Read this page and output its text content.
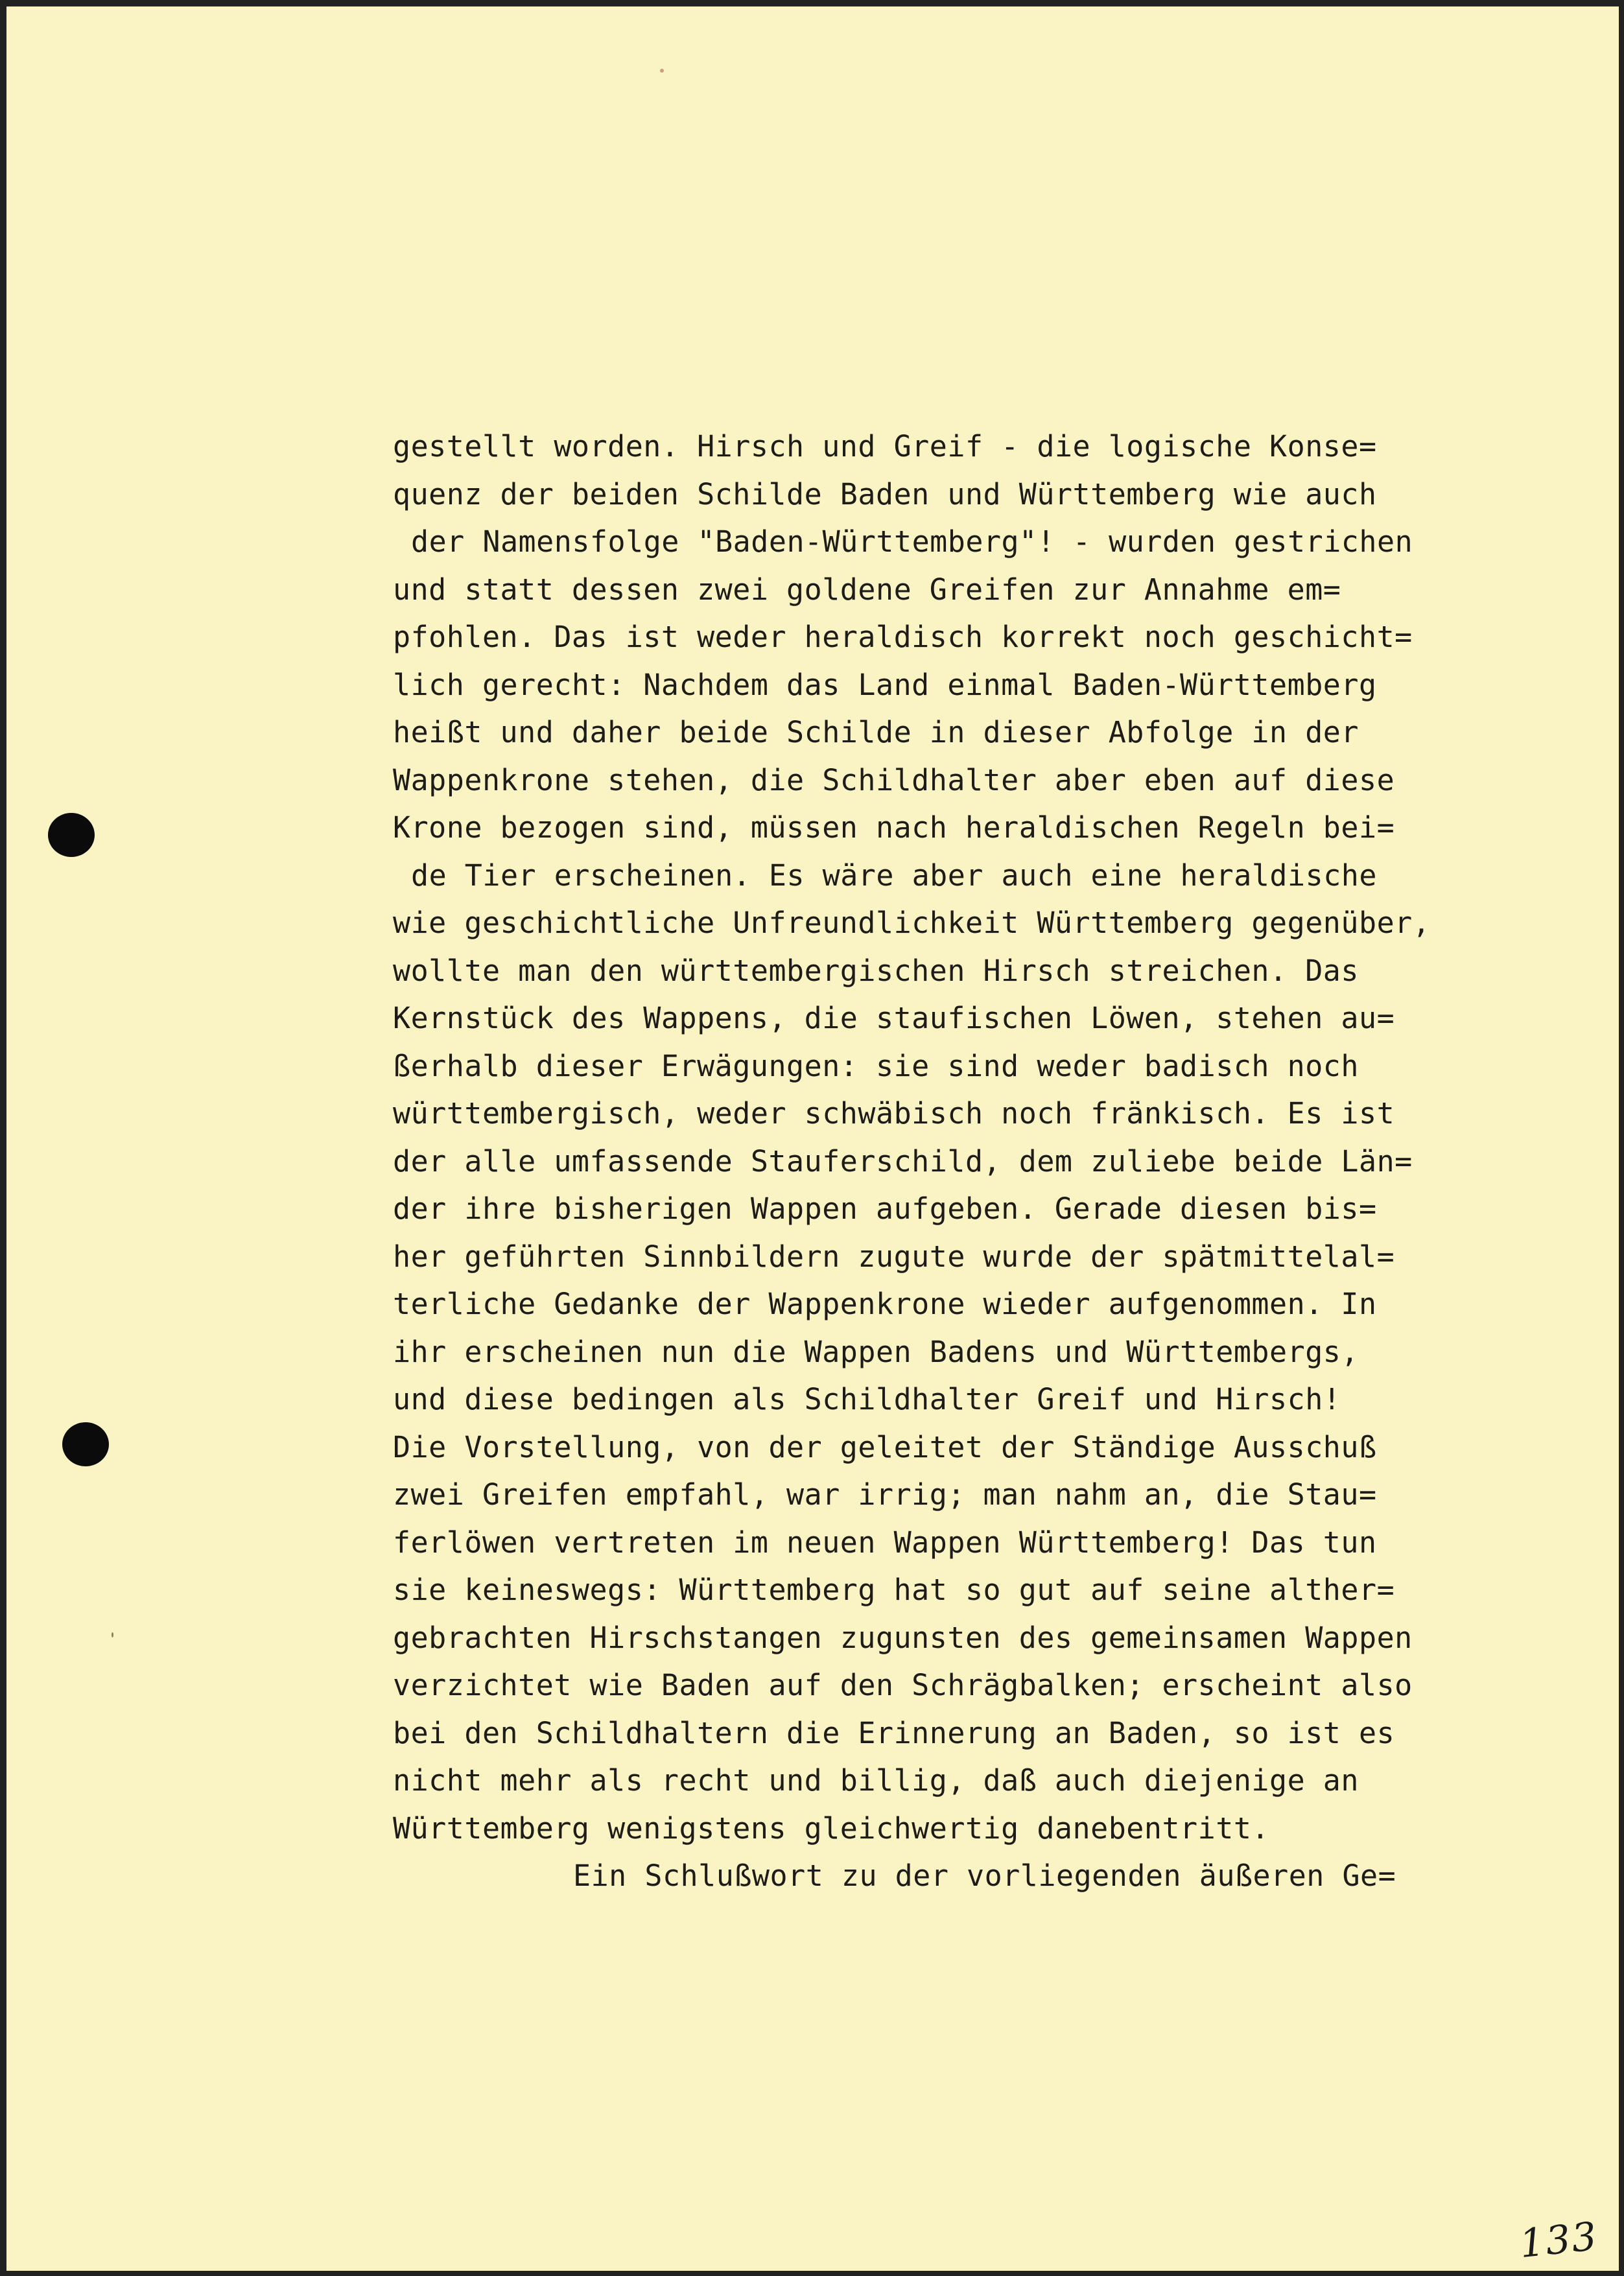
gestellt worden. Hirsch und Greif - die logische Konse=
quenz der beiden Schilde Baden und Württemberg wie auch
der Namensfolge "Baden-Württemberg"! - wurden gestrichen
und statt dessen zwei goldene Greifen zur Annahme em=
pfohlen. Das ist weder heraldisch korrekt noch geschicht=
lich gerecht: Nachdem das Land einmal Baden-Württemberg
heißt und daher beide Schilde in dieser Abfolge in der
Wappenkrone stehen, die Schildhalter aber eben auf diese
Krone bezogen sind, müssen nach heraldischen Regeln bei=
de Tier erscheinen. Es wäre aber auch eine heraldische
wie geschichtliche Unfreundlichkeit Württemberg gegenüber,
wollte man den württembergischen Hirsch streichen. Das
Kernstück des Wappens, die staufischen Löwen, stehen au=
ßerhalb dieser Erwägungen: sie sind weder badisch noch
württembergisch, weder schwäbisch noch fränkisch. Es ist
der alle umfassende Stauferschild, dem zuliebe beide Län=
der ihre bisherigen Wappen aufgeben. Gerade diesen bis=
her geführten Sinnbildern zugute wurde der spätmittelal=
terliche Gedanke der Wappenkrone wieder aufgenommen. In
ihr erscheinen nun die Wappen Badens und Württembergs,
und diese bedingen als Schildhalter Greif und Hirsch!
Die Vorstellung, von der geleitet der Ständige Ausschuß
zwei Greifen empfahl, war irrig; man nahm an, die Stau=
ferlöwen vertreten im neuen Wappen Württemberg! Das tun
sie keineswegs: Württemberg hat so gut auf seine alther=
gebrachten Hirschstangen zugunsten des gemeinsamen Wappen
verzichtet wie Baden auf den Schrägbalken; erscheint also
bei den Schildhaltern die Erinnerung an Baden, so ist es
nicht mehr als recht und billig, daß auch diejenige an
Württemberg wenigstens gleichwertig danebentritt.
Ein Schlußwort zu der vorliegenden äußeren Ge=
133
